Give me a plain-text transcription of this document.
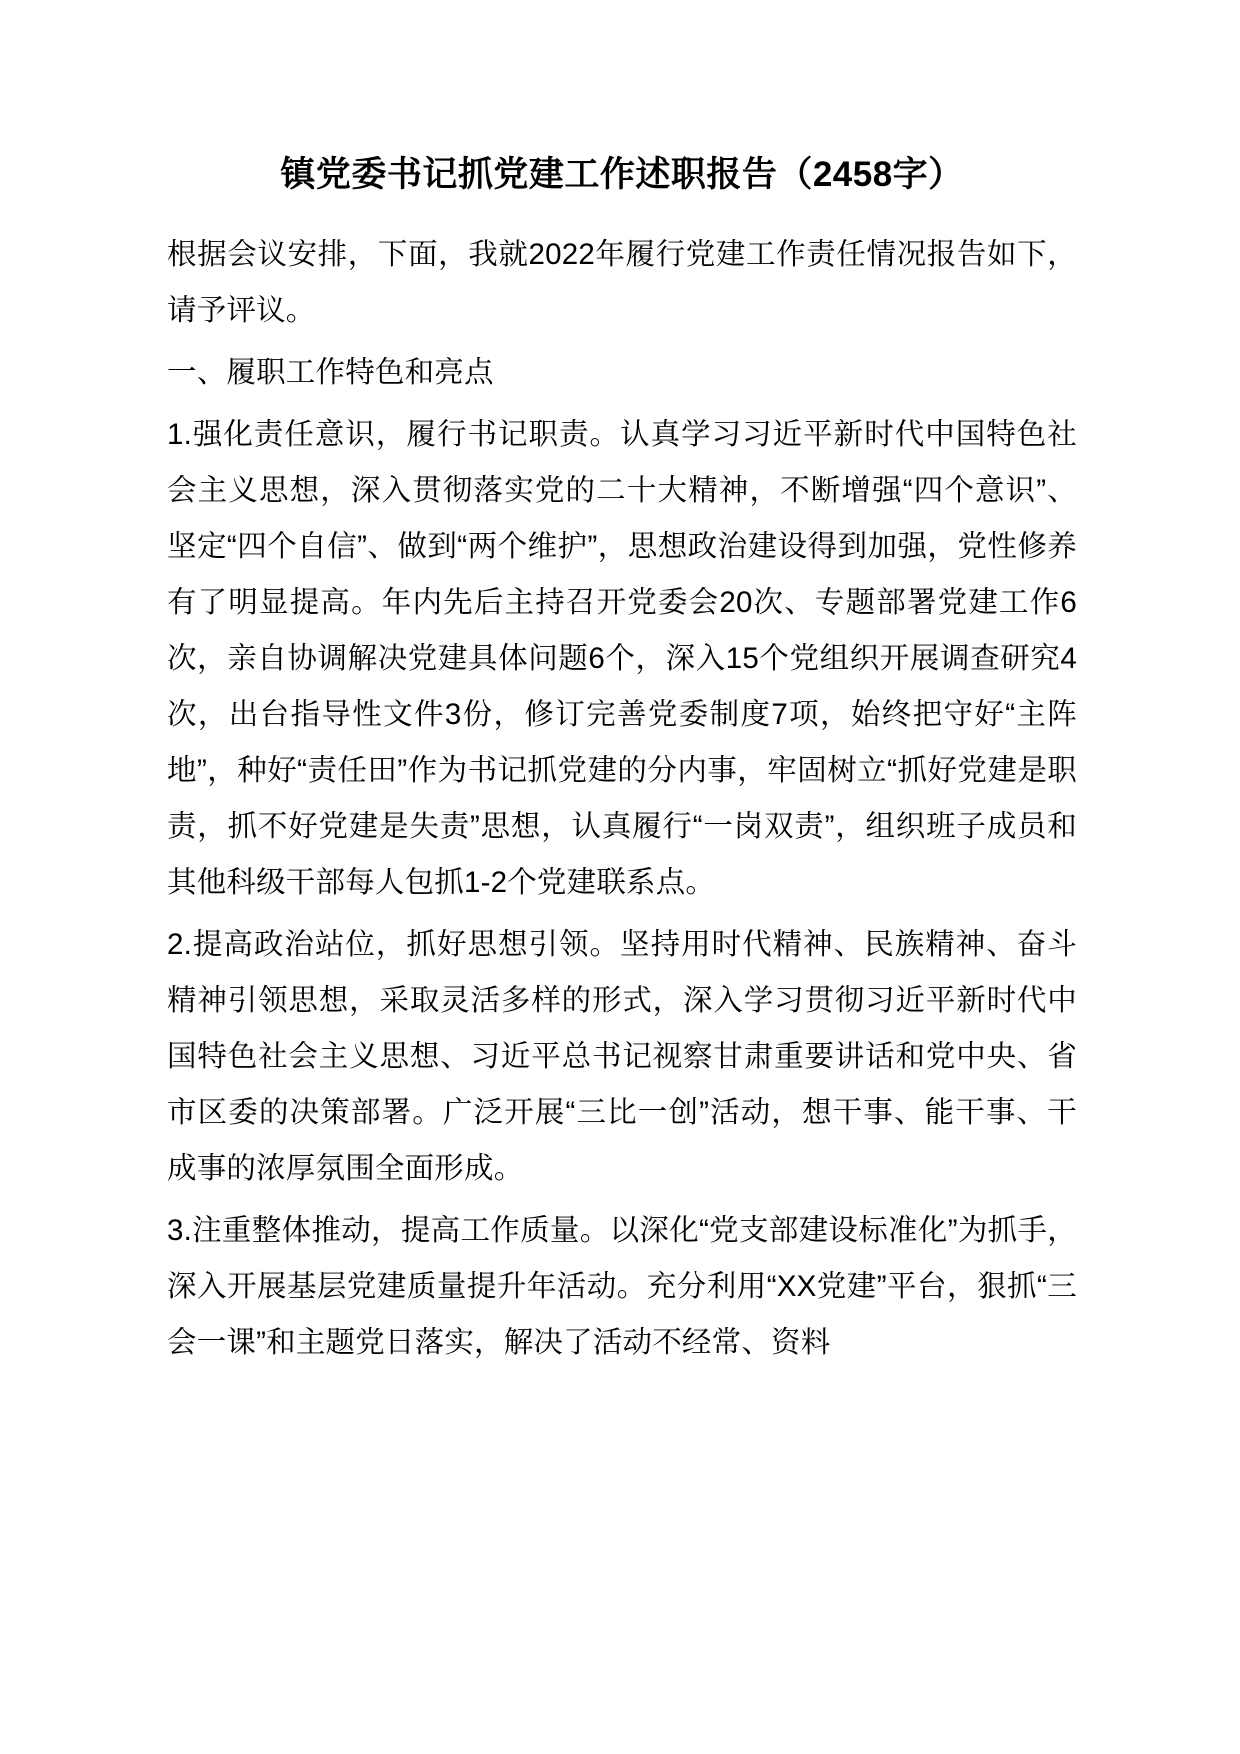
镇党委书记抓党建工作述职报告（2458字）

根据会议安排，下面，我就2022年履行党建工作责任情况报告如下，请予评议。

一、履职工作特色和亮点

1.强化责任意识，履行书记职责。认真学习习近平新时代中国特色社会主义思想，深入贯彻落实党的二十大精神，不断增强“四个意识”、坚定“四个自信”、做到“两个维护”，思想政治建设得到加强，党性修养有了明显提高。年内先后主持召开党委会20次、专题部署党建工作6次，亲自协调解决党建具体问题6个，深入15个党组织开展调查研究4次，出台指导性文件3份，修订完善党委制度7项，始终把守好“主阵地”，种好“责任田”作为书记抓党建的分内事，牢固树立“抓好党建是职责，抓不好党建是失责”思想，认真履行“一岗双责”，组织班子成员和其他科级干部每人包抓1-2个党建联系点。

2.提高政治站位，抓好思想引领。坚持用时代精神、民族精神、奋斗精神引领思想，采取灵活多样的形式，深入学习贯彻习近平新时代中国特色社会主义思想、习近平总书记视察甘肃重要讲话和党中央、省市区委的决策部署。广泛开展“三比一创”活动，想干事、能干事、干成事的浓厚氛围全面形成。

3.注重整体推动，提高工作质量。以深化“党支部建设标准化”为抓手，深入开展基层党建质量提升年活动。充分利用“XX党建”平台，狠抓“三会一课”和主题党日落实，解决了活动不经常、资料
